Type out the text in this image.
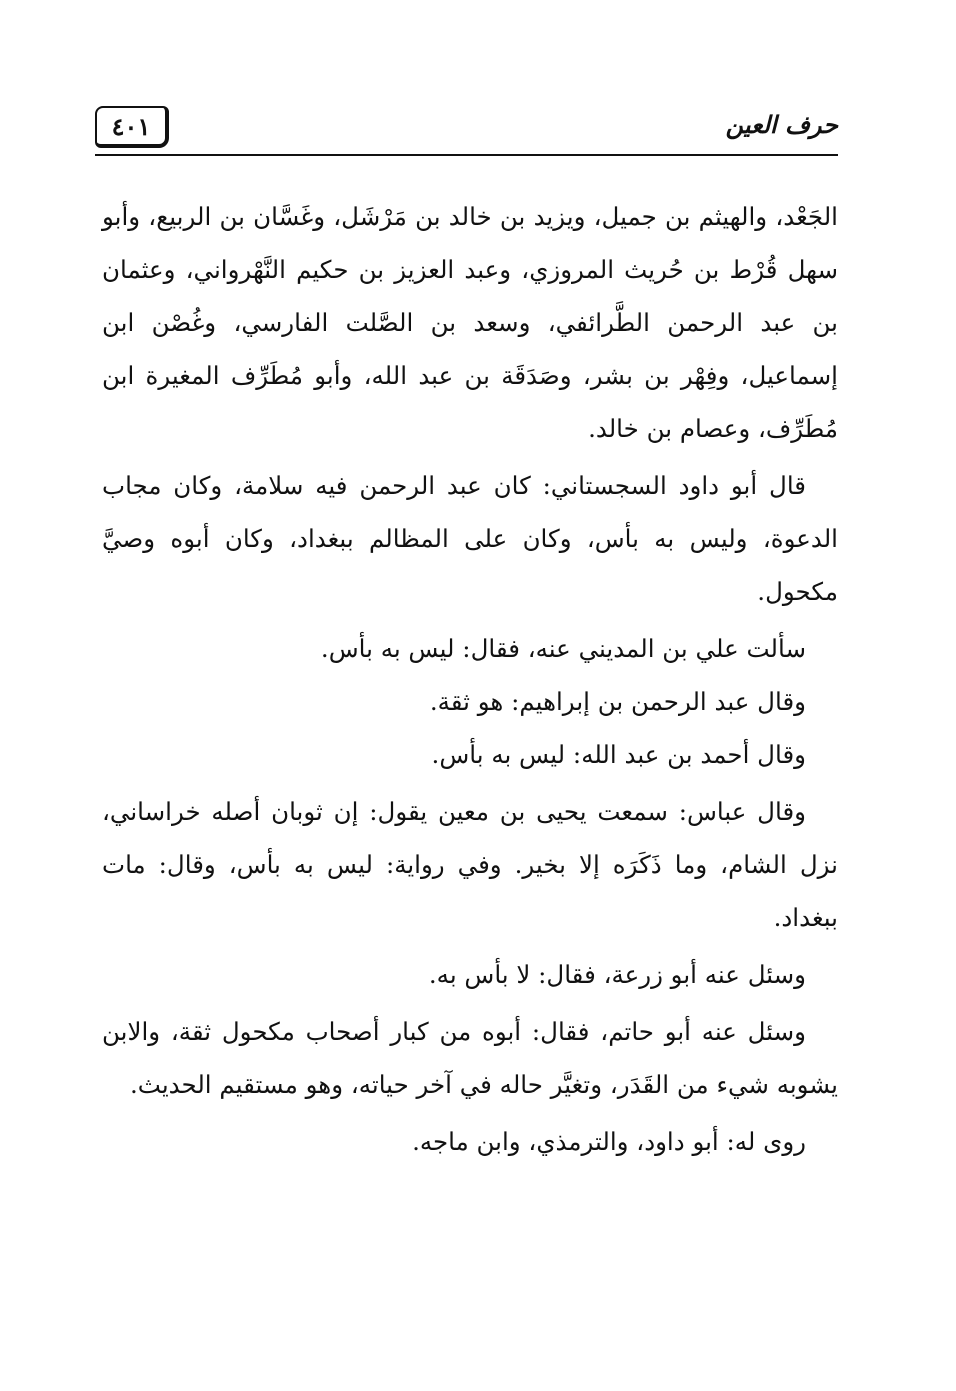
٤٠١	حرف العين

الجَعْد، والهيثم بن جميل، ويزيد بن خالد بن مَرْشَل، وغَسَّان بن الربيع، وأبو سهل قُرْط بن حُريث المروزي، وعبد العزيز بن حكيم النَّهْرواني، وعثمان بن عبد الرحمن الطَّرائفي، وسعد بن الصَّلت الفارسي، وغُصْن ابن إسماعيل، وفِهْر بن بشر، وصَدَقَة بن عبد الله، وأبو مُطَرِّف المغيرة ابن مُطَرِّف، وعصام بن خالد.

قال أبو داود السجستاني: كان عبد الرحمن فيه سلامة، وكان مجاب الدعوة، وليس به بأس، وكان على المظالم ببغداد، وكان أبوه وصيَّ مكحول.

سألت علي بن المديني عنه، فقال: ليس به بأس.

وقال عبد الرحمن بن إبراهيم: هو ثقة.

وقال أحمد بن عبد الله: ليس به بأس.

وقال عباس: سمعت يحيى بن معين يقول: إن ثوبان أصله خراساني، نزل الشام، وما ذَكَرَه إلا بخير. وفي رواية: ليس به بأس، وقال: مات ببغداد.

وسئل عنه أبو زرعة، فقال: لا بأس به.

وسئل عنه أبو حاتم، فقال: أبوه من كبار أصحاب مكحول ثقة، والابن يشوبه شيء من القَدَر، وتغيَّر حاله في آخر حياته، وهو مستقيم الحديث.

روى له: أبو داود، والترمذي، وابن ماجه.
